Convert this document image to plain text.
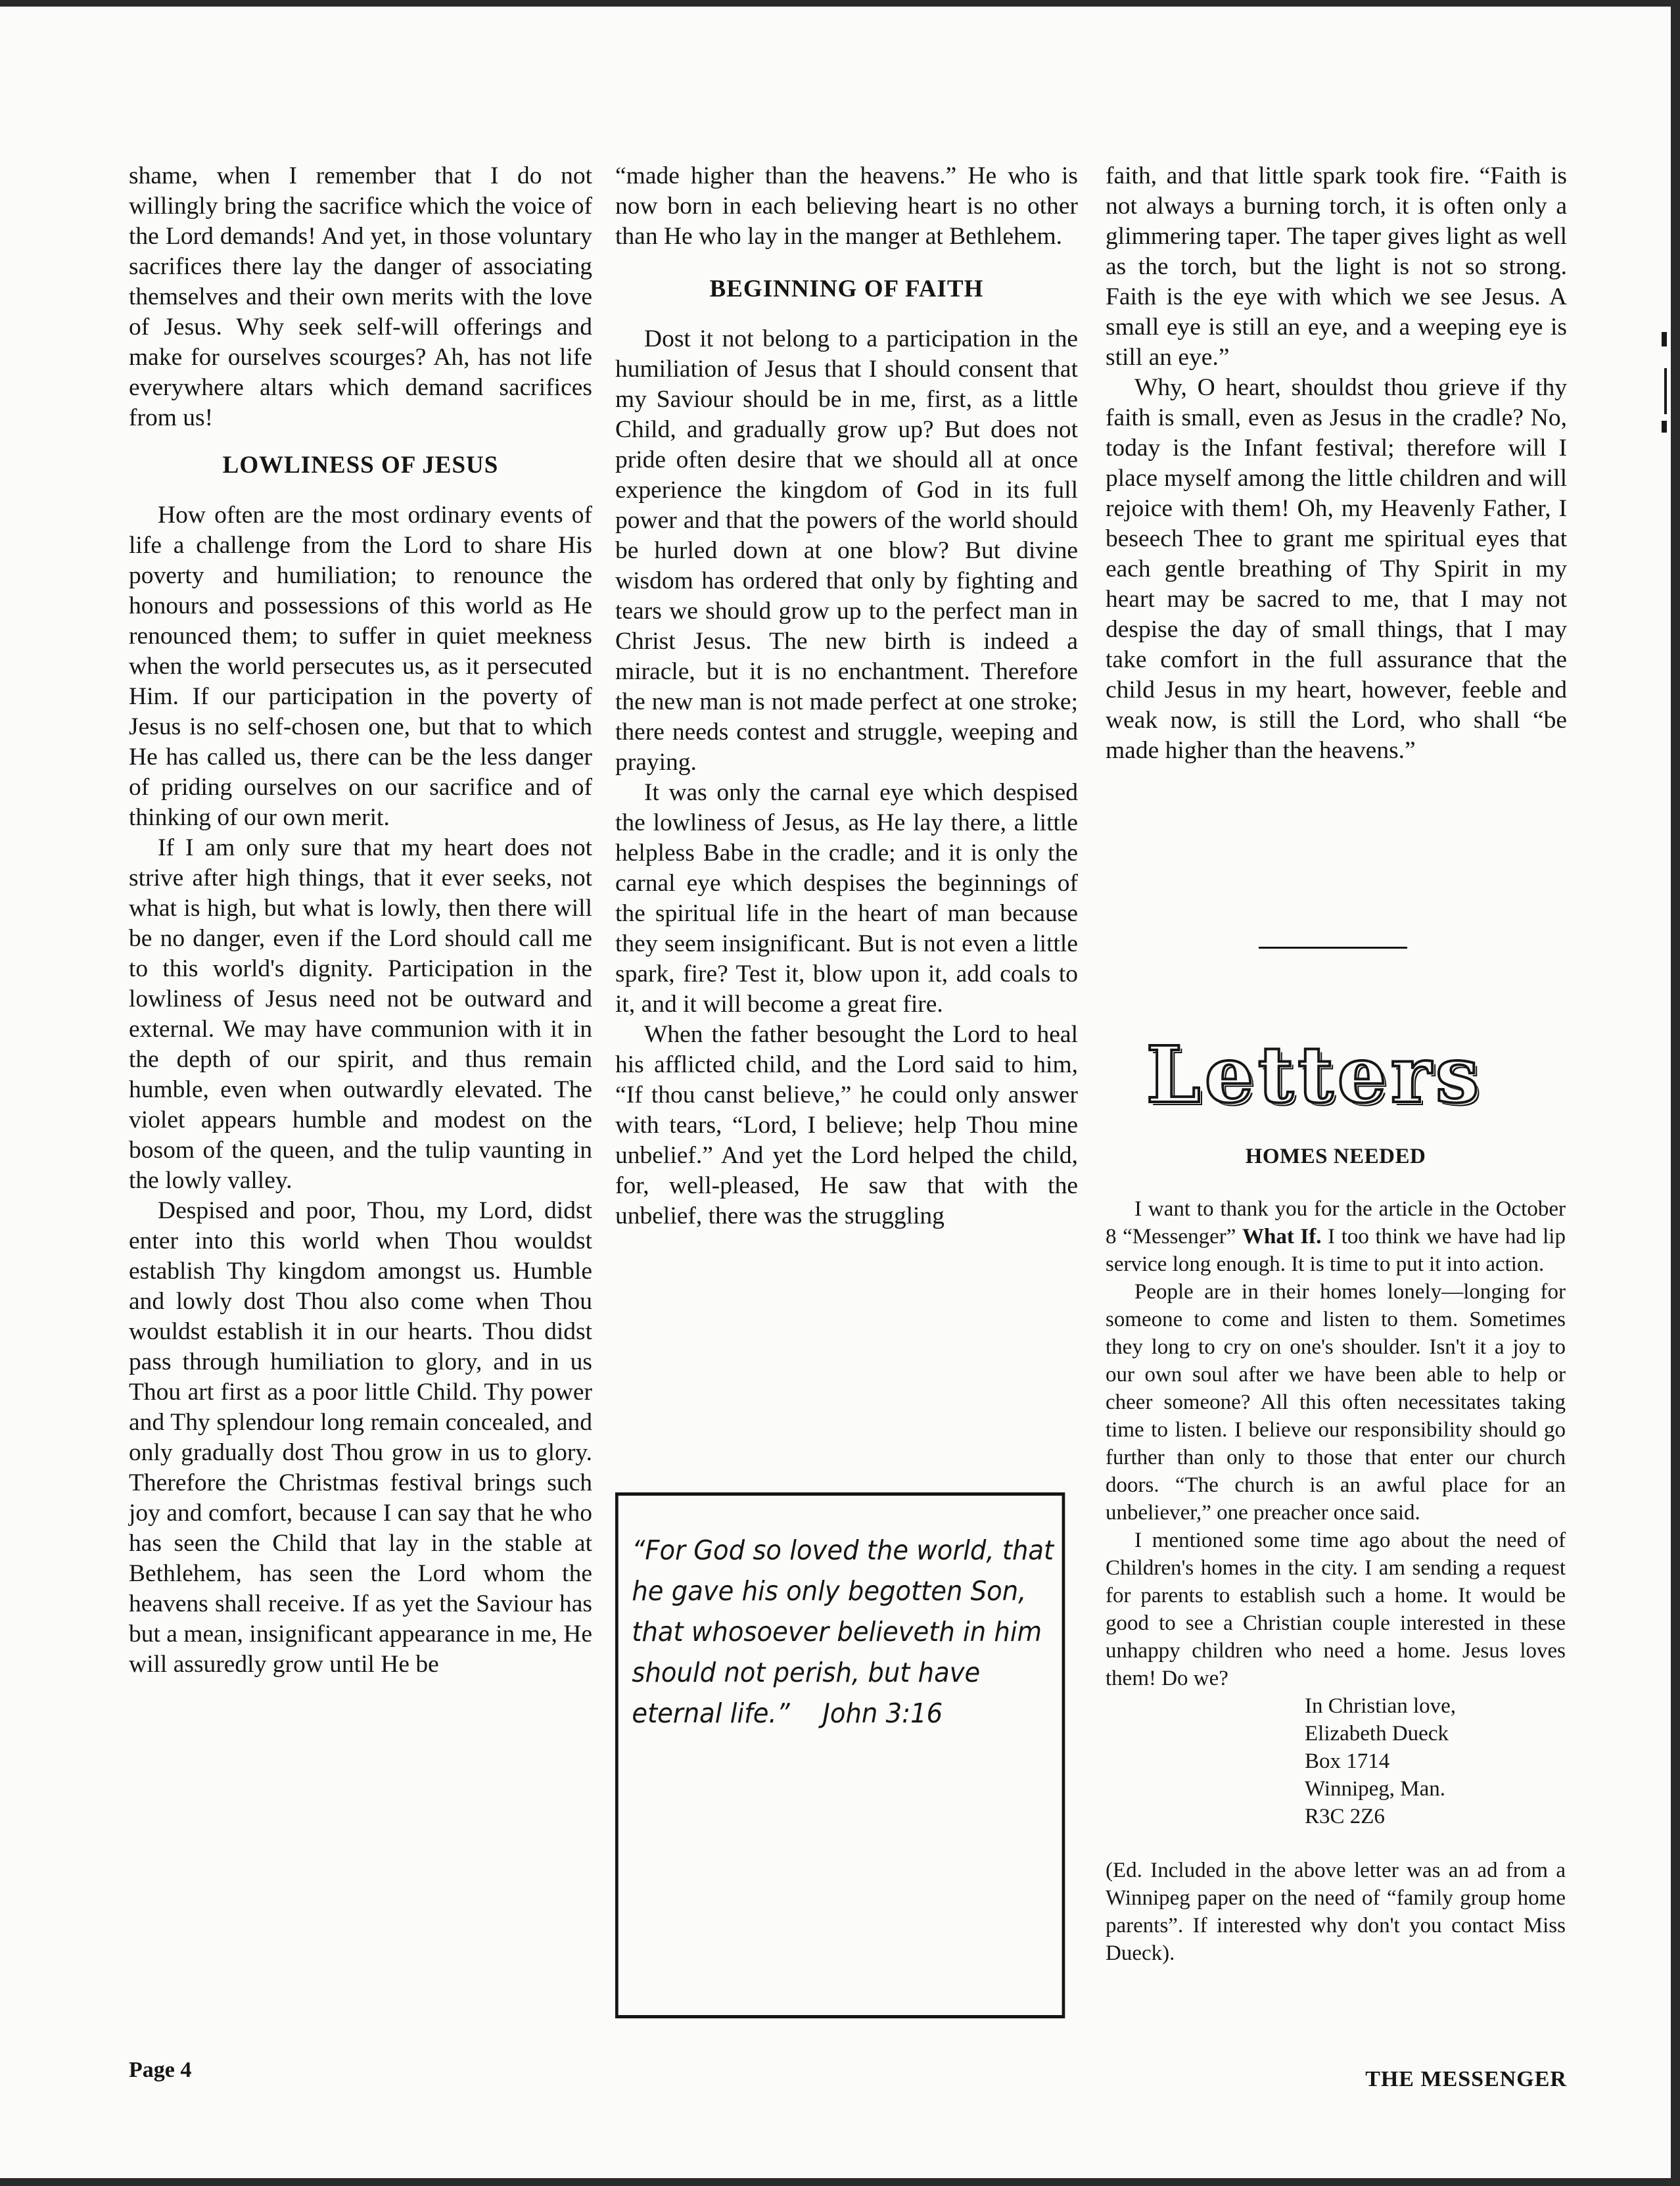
shame, when I remember that I do not willingly bring the sacrifice which the voice of the Lord demands! And yet, in those voluntary sacrifices there lay the danger of associating themselves and their own merits with the love of Jesus. Why seek self-will offerings and make for ourselves scourges? Ah, has not life everywhere altars which demand sacrifices from us!

LOWLINESS OF JESUS

How often are the most ordinary events of life a challenge from the Lord to share His poverty and humiliation; to renounce the honours and possessions of this world as He renounced them; to suffer in quiet meekness when the world persecutes us, as it persecuted Him. If our participation in the poverty of Jesus is no self-chosen one, but that to which He has called us, there can be the less danger of priding ourselves on our sacrifice and of thinking of our own merit.

If I am only sure that my heart does not strive after high things, that it ever seeks, not what is high, but what is lowly, then there will be no danger, even if the Lord should call me to this world's dignity. Participation in the lowliness of Jesus need not be outward and external. We may have communion with it in the depth of our spirit, and thus remain humble, even when outwardly elevated. The violet appears humble and modest on the bosom of the queen, and the tulip vaunting in the lowly valley.

Despised and poor, Thou, my Lord, didst enter into this world when Thou wouldst establish Thy kingdom amongst us. Humble and lowly dost Thou also come when Thou wouldst establish it in our hearts. Thou didst pass through humiliation to glory, and in us Thou art first as a poor little Child. Thy power and Thy splendour long remain concealed, and only gradually dost Thou grow in us to glory. Therefore the Christmas festival brings such joy and comfort, because I can say that he who has seen the Child that lay in the stable at Bethlehem, has seen the Lord whom the heavens shall receive. If as yet the Saviour has but a mean, insignificant appearance in me, He will assuredly grow until He be

“made higher than the heavens.” He who is now born in each believing heart is no other than He who lay in the manger at Bethlehem.

BEGINNING OF FAITH

Dost it not belong to a participation in the humiliation of Jesus that I should consent that my Saviour should be in me, first, as a little Child, and gradually grow up? But does not pride often desire that we should all at once experience the kingdom of God in its full power and that the powers of the world should be hurled down at one blow? But divine wisdom has ordered that only by fighting and tears we should grow up to the perfect man in Christ Jesus. The new birth is indeed a miracle, but it is no enchantment. Therefore the new man is not made perfect at one stroke; there needs contest and struggle, weeping and praying.

It was only the carnal eye which despised the lowliness of Jesus, as He lay there, a little helpless Babe in the cradle; and it is only the carnal eye which despises the beginnings of the spiritual life in the heart of man because they seem insignificant. But is not even a little spark, fire? Test it, blow upon it, add coals to it, and it will become a great fire.

When the father besought the Lord to heal his afflicted child, and the Lord said to him, “If thou canst believe,” he could only answer with tears, “Lord, I believe; help Thou mine unbelief.” And yet the Lord helped the child, for, well-pleased, He saw that with the unbelief, there was the struggling

“For God so loved the world, that he gave his only begotten Son, that whosoever believeth in him should not perish, but have eternal life.” John 3:16

faith, and that little spark took fire. “Faith is not always a burning torch, it is often only a glimmering taper. The taper gives light as well as the torch, but the light is not so strong. Faith is the eye with which we see Jesus. A small eye is still an eye, and a weeping eye is still an eye.”

Why, O heart, shouldst thou grieve if thy faith is small, even as Jesus in the cradle? No, today is the Infant festival; therefore will I place myself among the little children and will rejoice with them! Oh, my Heavenly Father, I beseech Thee to grant me spiritual eyes that each gentle breathing of Thy Spirit in my heart may be sacred to me, that I may not despise the day of small things, that I may take comfort in the full assurance that the child Jesus in my heart, however, feeble and weak now, is still the Lord, who shall “be made higher than the heavens.”

Letters
HOMES NEEDED

I want to thank you for the article in the October 8 “Messenger” What If. I too think we have had lip service long enough. It is time to put it into action.

People are in their homes lonely—longing for someone to come and listen to them. Sometimes they long to cry on one's shoulder. Isn't it a joy to our own soul after we have been able to help or cheer someone? All this often necessitates taking time to listen. I believe our responsibility should go further than only to those that enter our church doors. “The church is an awful place for an unbeliever,” one preacher once said.

I mentioned some time ago about the need of Children's homes in the city. I am sending a request for parents to establish such a home. It would be good to see a Christian couple interested in these unhappy children who need a home. Jesus loves them! Do we?

In Christian love,
Elizabeth Dueck
Box 1714
Winnipeg, Man.
R3C 2Z6

(Ed. Included in the above letter was an ad from a Winnipeg paper on the need of “family group home parents”. If interested why don't you contact Miss Dueck).

Page 4	THE MESSENGER
